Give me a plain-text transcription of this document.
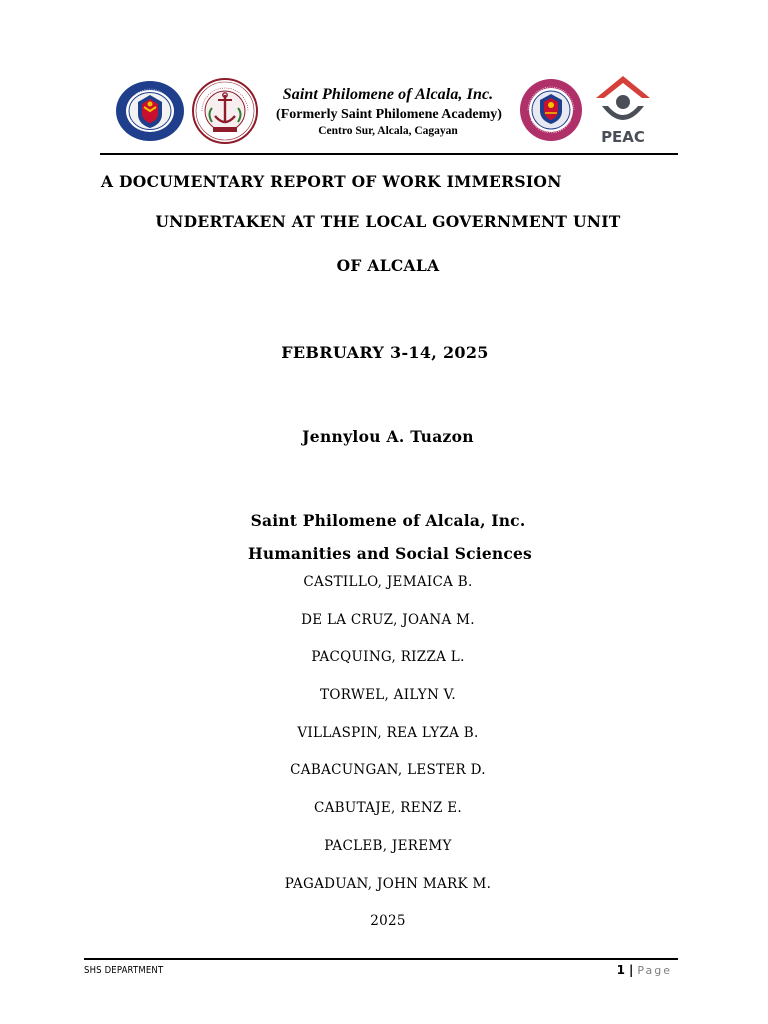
Saint Philomene of Alcala, Inc.
(Formerly Saint Philomene Academy)
Centro Sur, Alcala, Cagayan	PEAC
A DOCUMENTARY REPORT OF WORK IMMERSION
UNDERTAKEN AT THE LOCAL GOVERNMENT UNIT
OF ALCALA
FEBRUARY 3-14, 2025
Jennylou A. Tuazon
Saint Philomene of Alcala, Inc.
Humanities and Social Sciences
CASTILLO, JEMAICA B.
DE LA CRUZ, JOANA M.
PACQUING, RIZZA L.
TORWEL, AILYN V.
VILLASPIN, REA LYZA B.
CABACUNGAN, LESTER D.
CABUTAJE, RENZ E.
PACLEB, JEREMY
PAGADUAN, JOHN MARK M.
2025
SHS DEPARTMENT	1 | Page
